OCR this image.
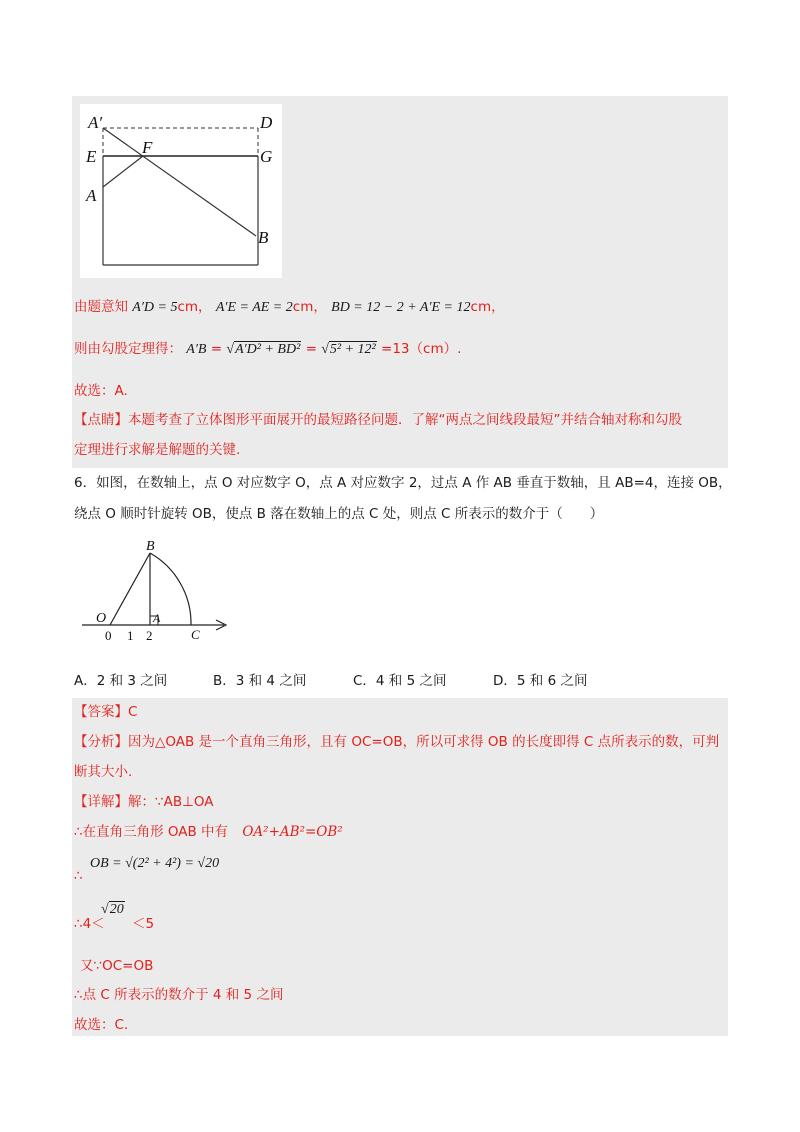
A′	D
E	F	G
A
B
由题意知 A′D = 5cm， A′E = AE = 2cm， BD = 12 − 2 + A′E = 12cm，
则由勾股定理得： A′B = √A′D² + BD² = √5² + 12² =13（cm）.
故选：A.
【点睛】本题考查了立体图形平面展开的最短路径问题．了解“两点之间线段最短”并结合轴对称和勾股
定理进行求解是解题的关键.
6．如图，在数轴上，点 O 对应数字 O，点 A 对应数字 2，过点 A 作 AB 垂直于数轴，且 AB=4，连接 OB，
绕点 O 顺时针旋转 OB，使点 B 落在数轴上的点 C 处，则点 C 所表示的数介于（　　）
B
O	A
C
0 1 2
A．2 和 3 之间	B．3 和 4 之间	C．4 和 5 之间	D．5 和 6 之间
【答案】C
【分析】因为△OAB 是一个直角三角形，且有 OC=OB，所以可求得 OB 的长度即得 C 点所表示的数，可判
断其大小.
【详解】解：∵AB⊥OA
∴在直角三角形 OAB 中有 OA²+AB²=OB²
∴
OB = √(2² + 4²) = √20
∴4＜
√20
＜5
又∵OC=OB
∴点 C 所表示的数介于 4 和 5 之间
故选：C.
